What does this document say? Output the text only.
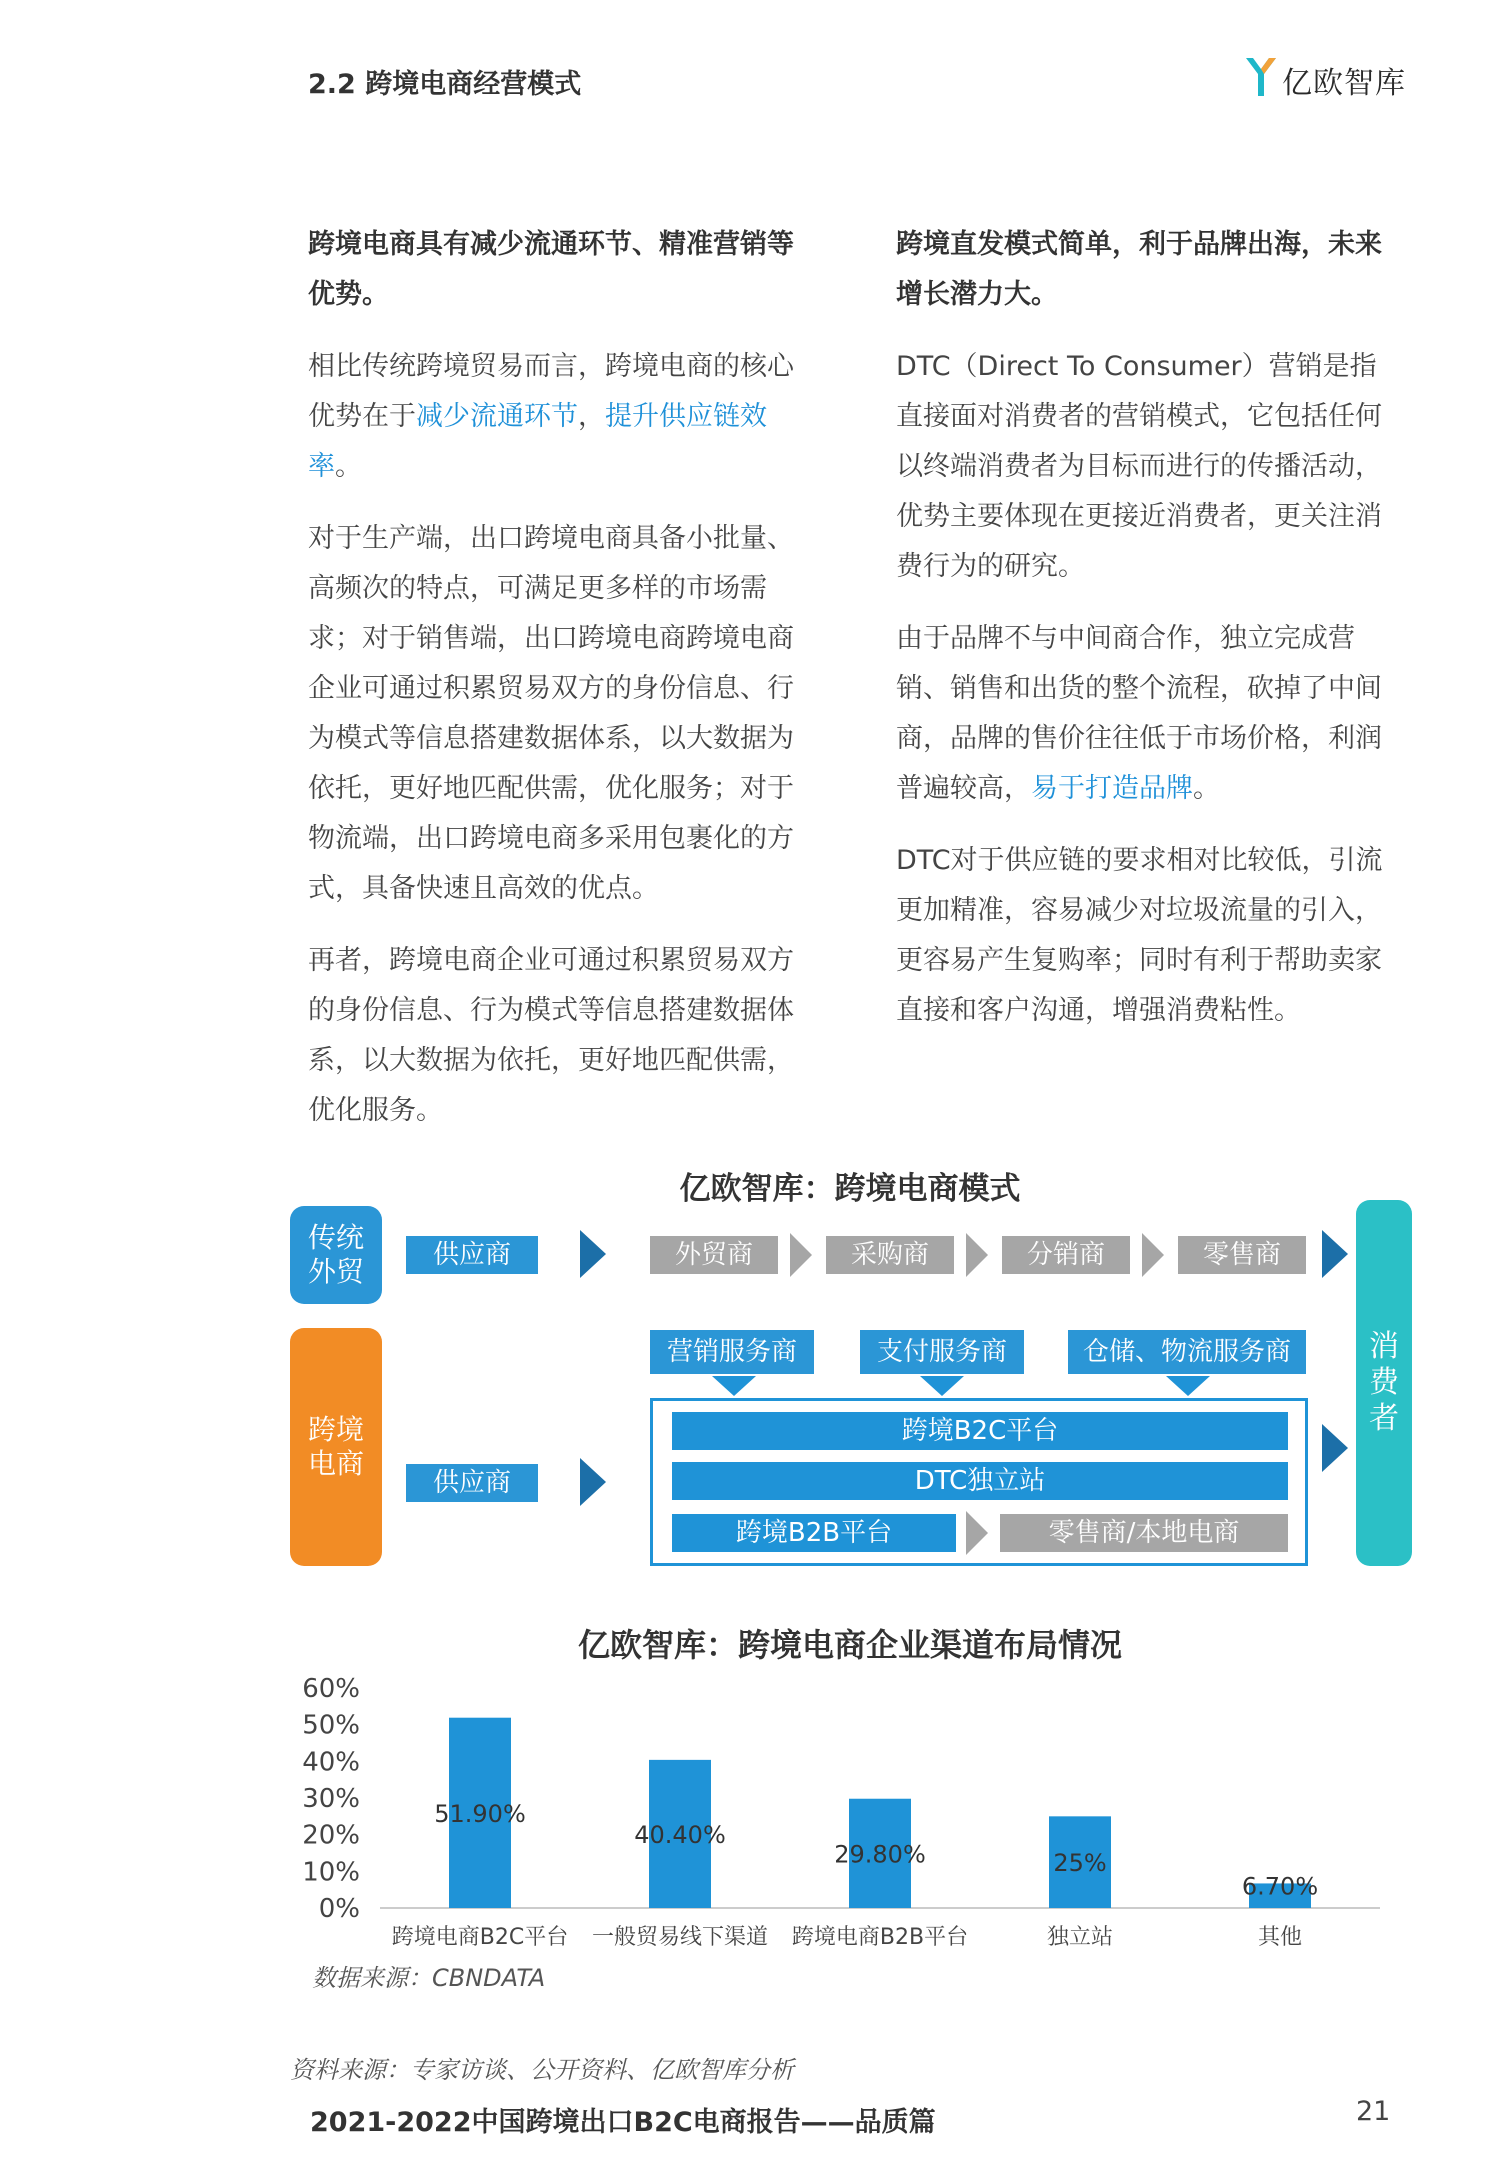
2.2 跨境电商经营模式	亿欧智库
跨境电商具有减少流通环节、精准营销等优势。

相比传统跨境贸易而言，跨境电商的核心优势在于减少流通环节，提升供应链效率。

对于生产端，出口跨境电商具备小批量、高频次的特点，可满足更多样的市场需求；对于销售端，出口跨境电商跨境电商企业可通过积累贸易双方的身份信息、行为模式等信息搭建数据体系，以大数据为依托，更好地匹配供需，优化服务；对于物流端，出口跨境电商多采用包裹化的方式，具备快速且高效的优点。

再者，跨境电商企业可通过积累贸易双方的身份信息、行为模式等信息搭建数据体系，以大数据为依托，更好地匹配供需，优化服务。

跨境直发模式简单，利于品牌出海，未来增长潜力大。

DTC（Direct To Consumer）营销是指直接面对消费者的营销模式，它包括任何以终端消费者为目标而进行的传播活动，优势主要体现在更接近消费者，更关注消费行为的研究。

由于品牌不与中间商合作，独立完成营销、销售和出货的整个流程，砍掉了中间商，品牌的售价往往低于市场价格，利润普遍较高，易于打造品牌。

DTC对于供应链的要求相对比较低，引流更加精准，容易减少对垃圾流量的引入，更容易产生复购率；同时有利于帮助卖家直接和客户沟通，增强消费粘性。

亿欧智库：跨境电商模式
传统外贸
跨境电商
消费者
供应商	外贸商	采购商	分销商	零售商
营销服务商	支付服务商	仓储、物流服务商
跨境B2C平台
DTC独立站
跨境B2B平台	零售商/本地电商
供应商
亿欧智库：跨境电商企业渠道布局情况
60%
50%
40%
30%
20%
10%
0%
51.90%
跨境电商B2C平台
40.40%
一般贸易线下渠道
29.80%
跨境电商B2B平台
25%
独立站
6.70%
其他
数据来源：CBNDATA
资料来源：专家访谈、公开资料、亿欧智库分析
2021-2022中国跨境出口B2C电商报告——品质篇	21
